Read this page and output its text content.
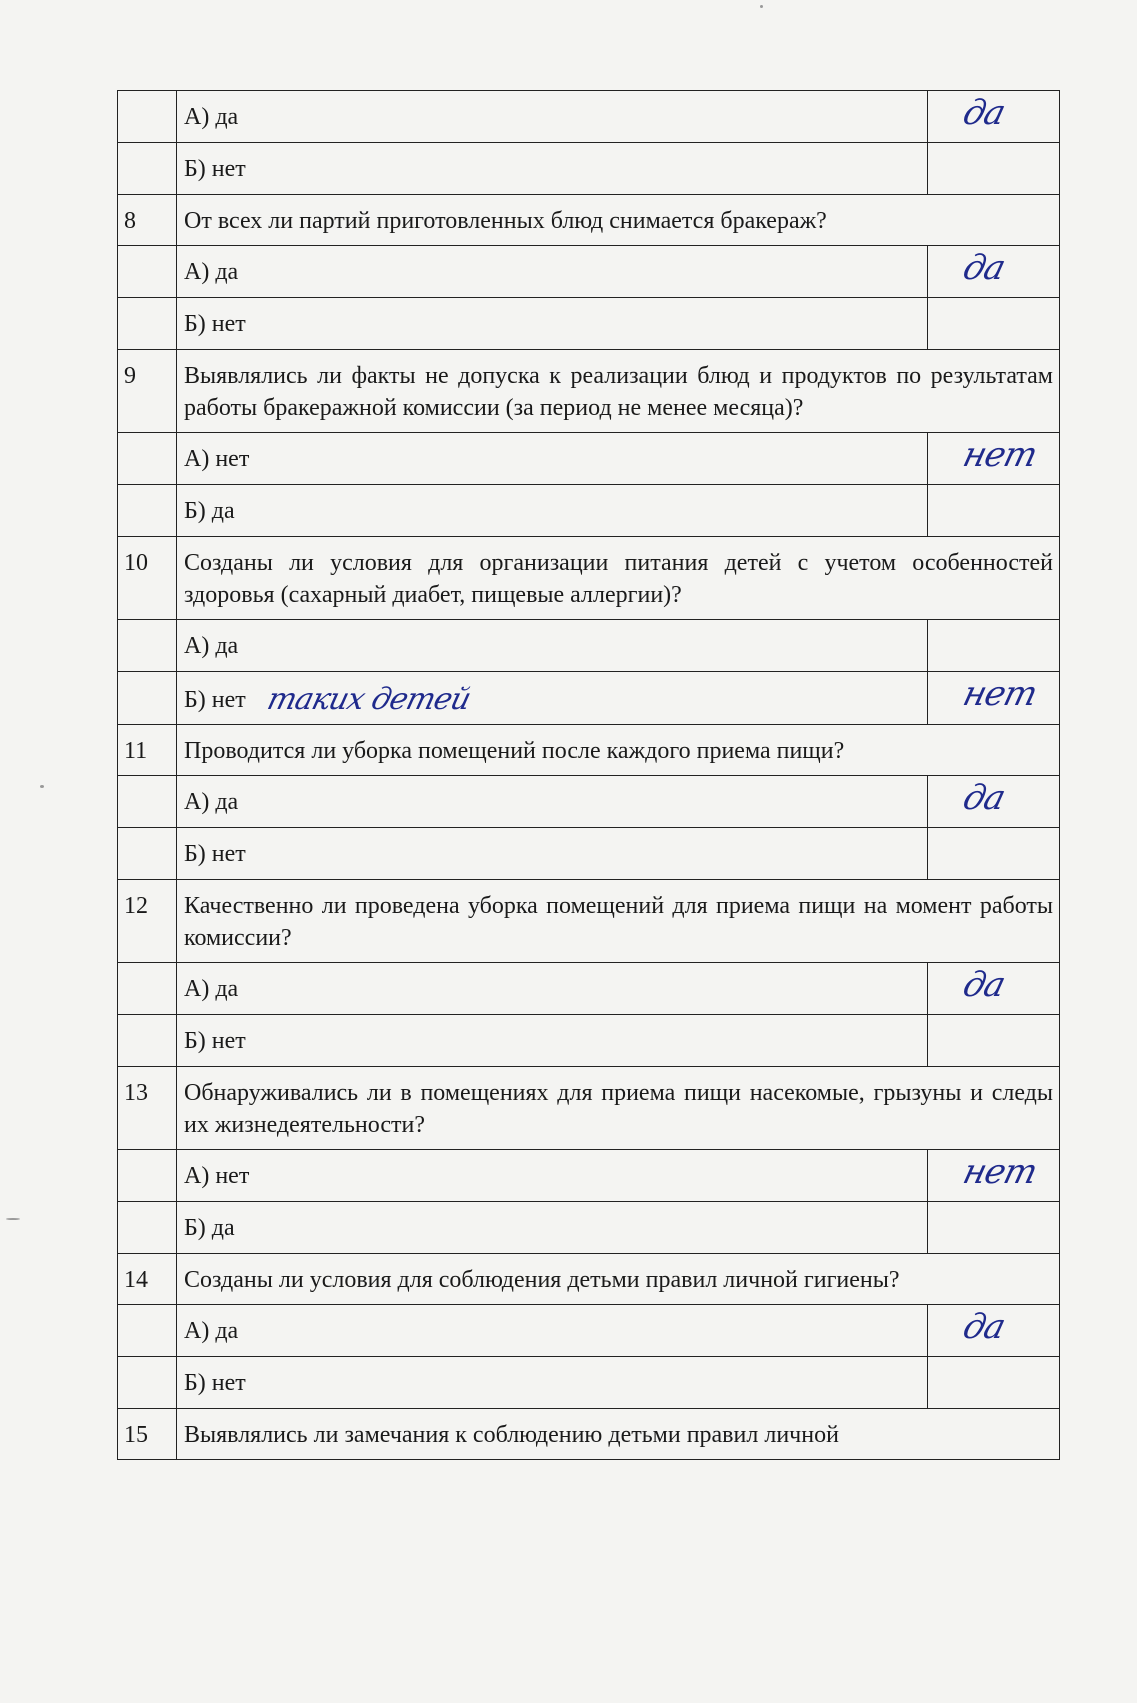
	А) да	да

	Б) нет	

8	От всех ли партий приготовленных блюд снимается бракераж?	
	А) да	да

	Б) нет	

9	Выявлялись ли факты не допуска к реализации блюд и продуктов по результатам работы бракеражной комиссии (за период не менее месяца)?	
	А) нет	нет

	Б) да	

10	Созданы ли условия для организации питания детей с учетом особенностей здоровья (сахарный диабет, пищевые аллергии)?	
	А) да	

	Б) нет таких детей	нет

11	Проводится ли уборка помещений после каждого приема пищи?	
	А) да	да

	Б) нет	

12	Качественно ли проведена уборка помещений для приема пищи на момент работы комиссии?	
	А) да	да

	Б) нет	

13	Обнаруживались ли в помещениях для приема пищи насекомые, грызуны и следы их жизнедеятельности?	
	А) нет	нет

	Б) да	

14	Созданы ли условия для соблюдения детьми правил личной гигиены?	
	А) да	да

	Б) нет	

15	Выявлялись ли замечания к соблюдению детьми правил личной	
